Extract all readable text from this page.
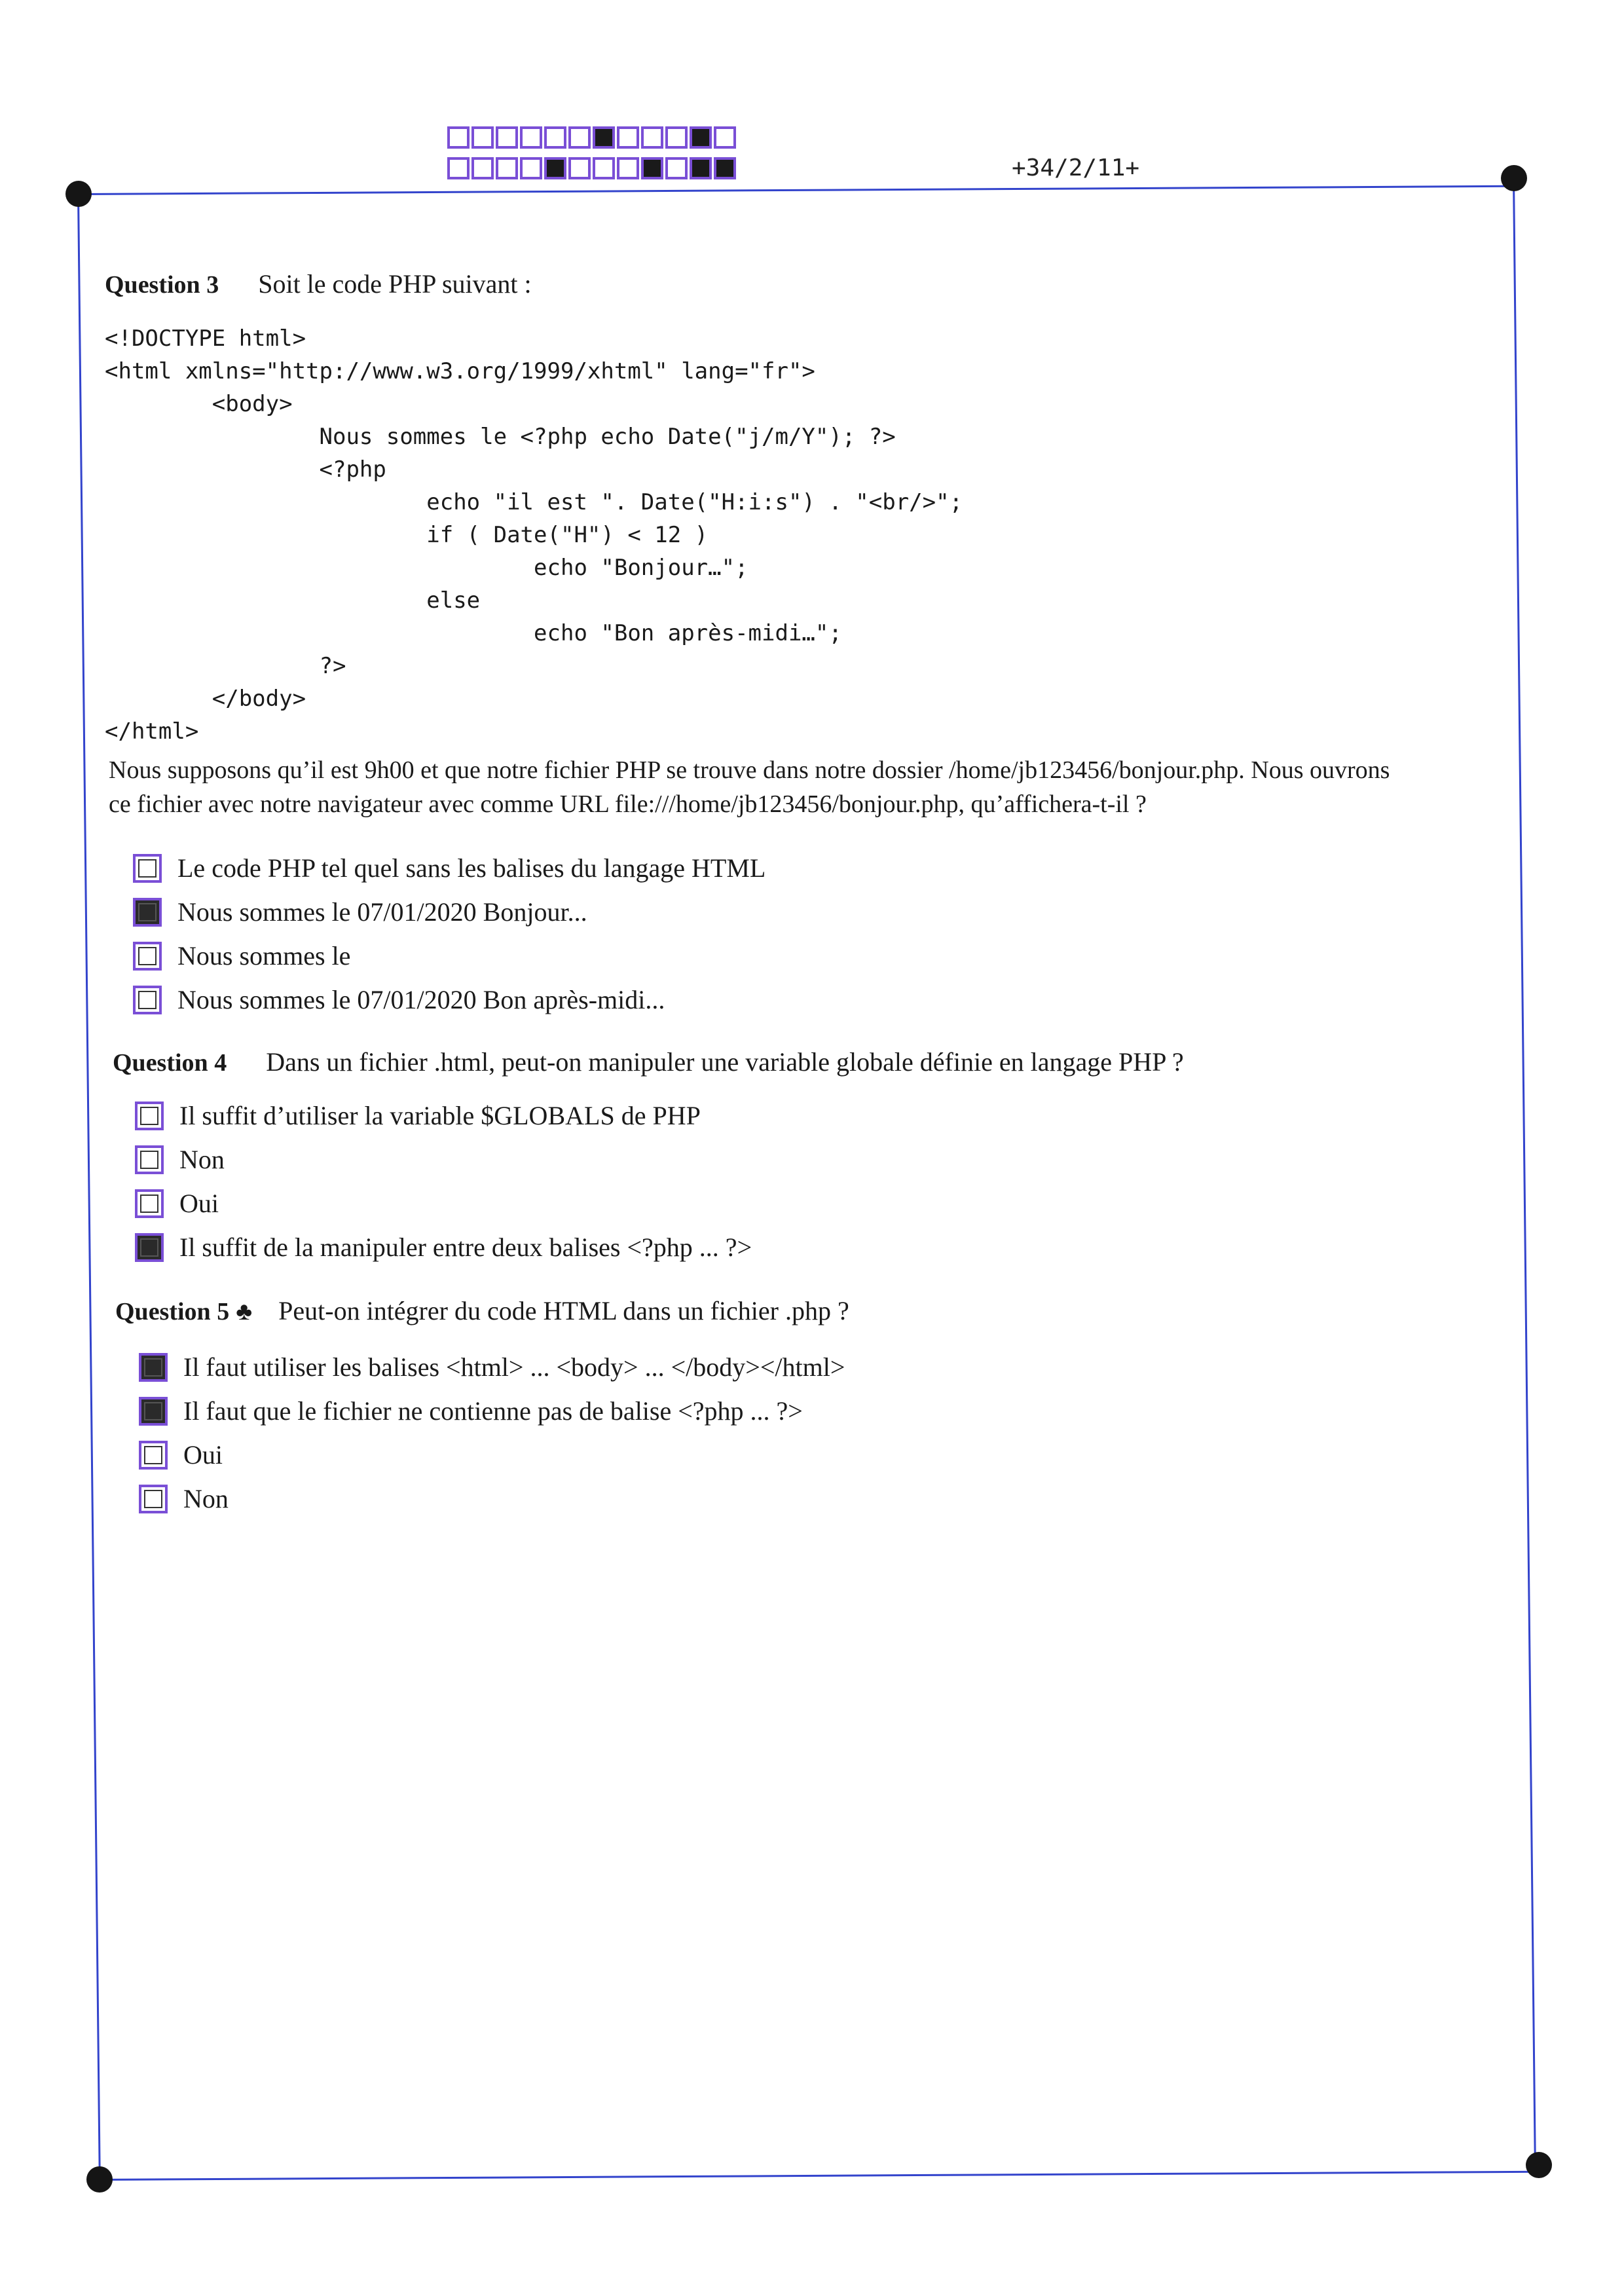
+34/2/11+
Question 3 Soit le code PHP suivant :
<!DOCTYPE html>
<html xmlns="http://www.w3.org/1999/xhtml" lang="fr">
<body>
Nous sommes le <?php echo Date("j/m/Y"); ?>
<?php
echo "il est ". Date("H:i:s") . "<br/>";
if ( Date("H") < 12 )
echo "Bonjour…";
else
echo "Bon après-midi…";
?>
</body>
</html>
Nous supposons qu’il est 9h00 et que notre fichier PHP se trouve dans notre dossier /home/jb123456/bonjour.php. Nous ouvrons
ce fichier avec notre navigateur avec comme URL file:///home/jb123456/bonjour.php, qu’affichera-t-il ?
Le code PHP tel quel sans les balises du langage HTML
Nous sommes le 07/01/2020 Bonjour...
Nous sommes le
Nous sommes le 07/01/2020 Bon après-midi...
Question 4 Dans un fichier .html, peut-on manipuler une variable globale définie en langage PHP ?
Il suffit d’utiliser la variable $GLOBALS de PHP
Non
Oui
Il suffit de la manipuler entre deux balises <?php ... ?>
Question 5 ♣ Peut-on intégrer du code HTML dans un fichier .php ?
Il faut utiliser les balises <html> ... <body> ... </body></html>
Il faut que le fichier ne contienne pas de balise <?php ... ?>
Oui
Non
